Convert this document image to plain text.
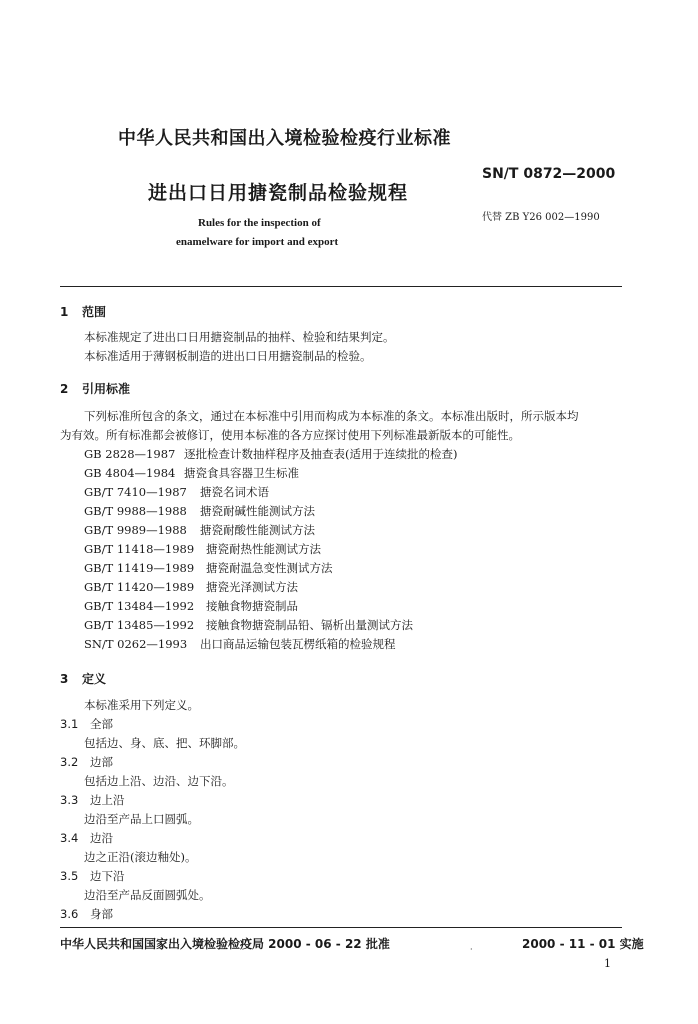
中华人民共和国出入境检验检疫行业标准
SN/T 0872—2000
进出口日用搪瓷制品检验规程
代替 ZB Y26 002—1990
Rules for the inspection of
enamelware for import and export
1 范围
本标准规定了进出口日用搪瓷制品的抽样、检验和结果判定。
本标准适用于薄钢板制造的进出口日用搪瓷制品的检验。
2 引用标准
下列标准所包含的条文，通过在本标准中引用而构成为本标准的条文。本标准出版时，所示版本均
为有效。所有标准都会被修订，使用本标准的各方应探讨使用下列标准最新版本的可能性。
GB 2828—1987 逐批检查计数抽样程序及抽查表(适用于连续批的检查)
GB 4804—1984 搪瓷食具容器卫生标准
GB/T 7410—1987 搪瓷名词术语
GB/T 9988—1988 搪瓷耐碱性能测试方法
GB/T 9989—1988 搪瓷耐酸性能测试方法
GB/T 11418—1989 搪瓷耐热性能测试方法
GB/T 11419—1989 搪瓷耐温急变性测试方法
GB/T 11420—1989 搪瓷光泽测试方法
GB/T 13484—1992 接触食物搪瓷制品
GB/T 13485—1992 接触食物搪瓷制品铅、镉析出量测试方法
SN/T 0262—1993 出口商品运输包装瓦楞纸箱的检验规程
3 定义
本标准采用下列定义。
3.1 全部
包括边、身、底、把、环脚部。
3.2 边部
包括边上沿、边沿、边下沿。
3.3 边上沿
边沿至产品上口圆弧。
3.4 边沿
边之正沿(滚边釉处)。
3.5 边下沿
边沿至产品反面圆弧处。
3.6 身部
中华人民共和国国家出入境检验检疫局 2000 - 06 - 22 批准	·	2000 - 11 - 01 实施
1
